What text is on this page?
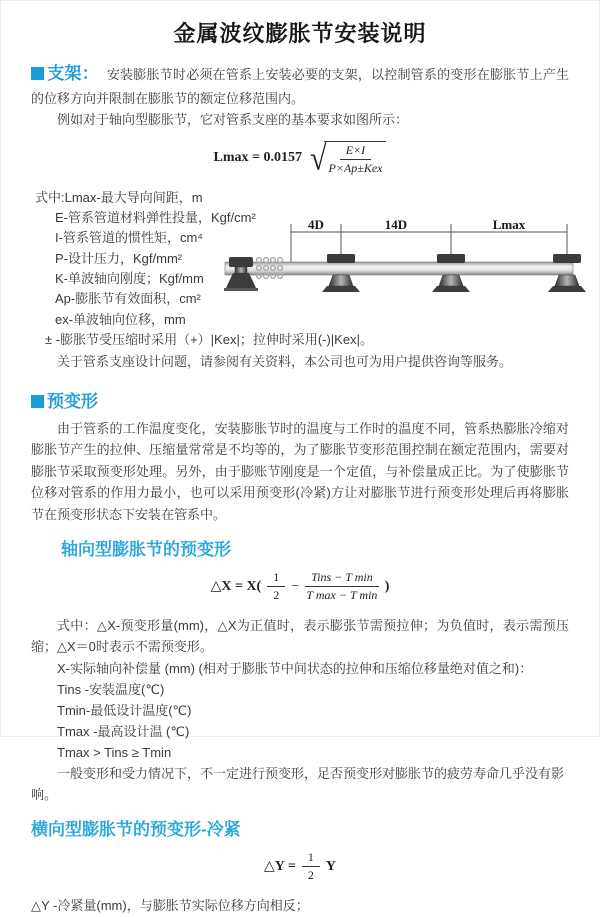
金属波纹膨胀节安装说明

支架： 安装膨胀节时必须在管系上安装必要的支架，以控制管系的变形在膨胀节上产生的位移方向并限制在膨胀节的额定位移范围内。

例如对于轴向型膨胀节，它对管系支座的基本要求如图所示：

Lmax = 0.0157 √ $\frac{E\times I}{\text{P×Ap±Kex}}$
式中:Lmax-最大导向间距，m
E-管系管道材料弹性投量，Kgf/cm²
I-管系管道的惯性矩，cm⁴
P-设计压力，Kgf/mm²
K-单波轴向刚度；Kgf/mm
Ap-膨胀节有效面积，cm²
ex-单波轴向位移，mm
± -膨胀节受压缩时采用（+）|Kex|；拉伸时采用(-)|Kex|。
4D	14D	Lmax

关于管系支座设计问题，请参阅有关资料，本公司也可为用户提供咨询等服务。

预变形

由于管系的工作温度变化，安装膨胀节时的温度与工作时的温度不同，管系热膨胀冷缩对膨胀节产生的拉伸、压缩量常常是不均等的，为了膨胀节变形范围控制在额定范围内，需要对膨胀节采取预变形处理。另外，由于膨账节刚度是一个定值，与补偿量成正比。为了使膨胀节位移对管系的作用力最小，也可以采用预变形(冷紧)方让对膨胀节进行预变形处理后再将膨胀节在预变形状态下安装在管系中。

轴向型膨胀节的预变形
△X = $X( \frac{1}{2} - \frac{\text{Tins − T min}}{\text{T max − T min}}$ )

式中：△X-预变形量(mm)，△X为正值时，表示膨张节需预拉伸；为负值时，表示需预压缩；△X＝0时表示不需预变形。

X-实际轴向补偿量 (mm) (相对于膨胀节中间状态的拉伸和压缩位移量绝对值之和)：
Tins -安装温度(℃)
Tmin-最低设计温度(℃)
Tmax -最高设计温 (℃)
Tmax > Tins ≥ Tmin
一般变形和受力情况下，不一定进行预变形，足否预变形对膨胀节的疲劳寿命几乎没有影响。
横向型膨胀节的预变形-冷紧
△Y = $\frac{1}{2}$ Y

△Y -冷紧量(mm)，与膨胀节实际位移方向相反；
